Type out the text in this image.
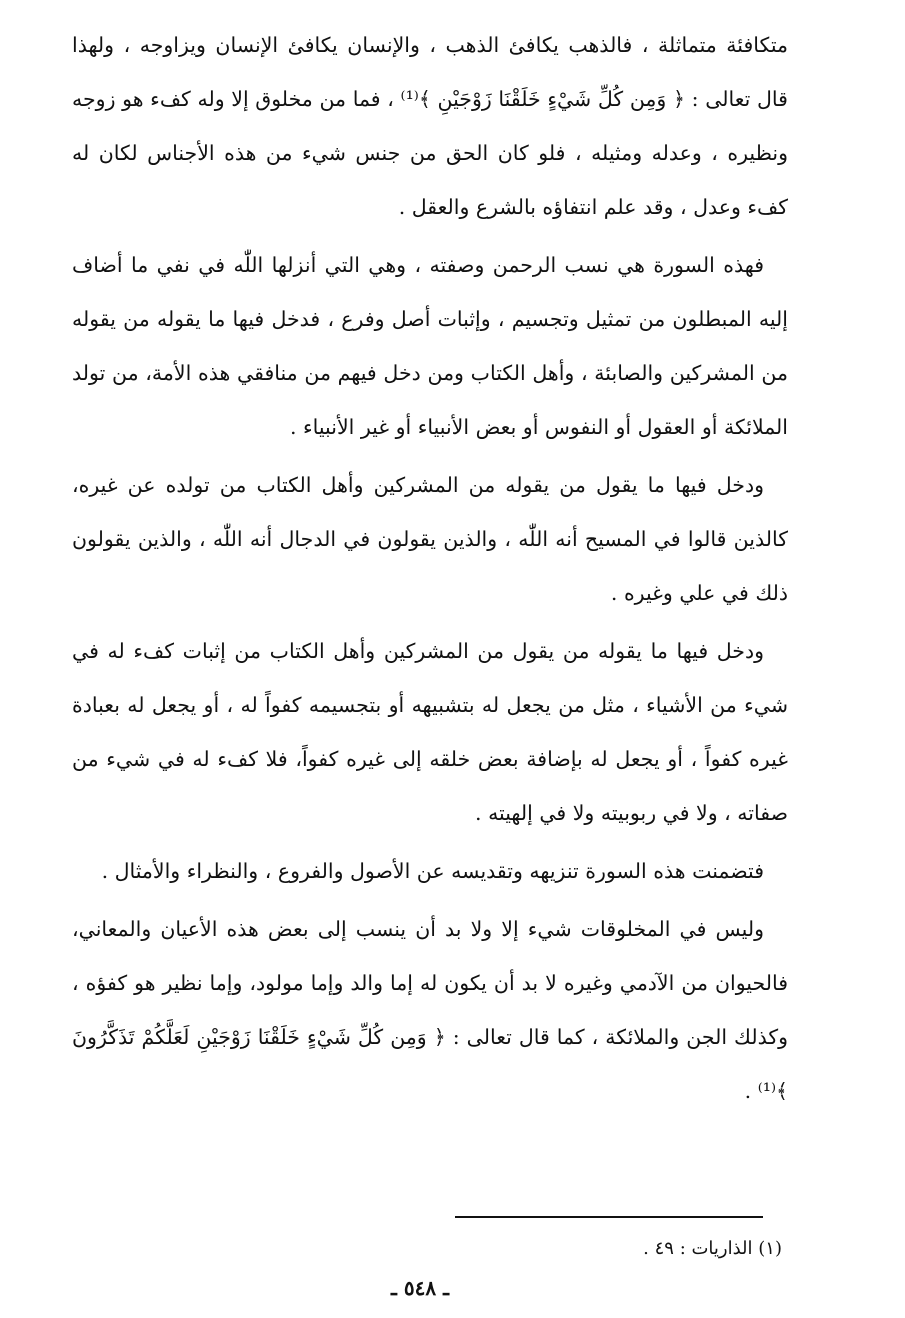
متكافئة متماثلة ، فالذهب يكافئ الذهب ، والإنسان يكافئ الإنسان ويزاوجه ، ولهذا قال تعالى : ﴿ وَمِن كُلِّ شَيْءٍ خَلَقْنَا زَوْجَيْنِ ﴾⁽¹⁾ ، فما من مخلوق إلا وله كفء هو زوجه ونظيره ، وعدله ومثيله ، فلو كان الحق من جنس شيء من هذه الأجناس لكان له كفء وعدل ، وقد علم انتفاؤه بالشرع والعقل .

فهذه السورة هي نسب الرحمن وصفته ، وهي التي أنزلها اللّٰه في نفي ما أضاف إليه المبطلون من تمثيل وتجسيم ، وإثبات أصل وفرع ، فدخل فيها ما يقوله من يقوله من المشركين والصابئة ، وأهل الكتاب ومن دخل فيهم من منافقي هذه الأمة، من تولد الملائكة أو العقول أو النفوس أو بعض الأنبياء أو غير الأنبياء .

ودخل فيها ما يقول من يقوله من المشركين وأهل الكتاب من تولده عن غيره، كالذين قالوا في المسيح أنه اللّٰه ، والذين يقولون في الدجال أنه اللّٰه ، والذين يقولون ذلك في علي وغيره .

ودخل فيها ما يقوله من يقول من المشركين وأهل الكتاب من إثبات كفء له في شيء من الأشياء ، مثل من يجعل له بتشبيهه أو بتجسيمه كفواً له ، أو يجعل له بعبادة غيره كفواً ، أو يجعل له بإضافة بعض خلقه إلى غيره كفواً، فلا كفء له في شيء من صفاته ، ولا في ربوبيته ولا في إلهيته .

فتضمنت هذه السورة تنزيهه وتقديسه عن الأصول والفروع ، والنظراء والأمثال .

وليس في المخلوقات شيء إلا ولا بد أن ينسب إلى بعض هذه الأعيان والمعاني، فالحيوان من الآدمي وغيره لا بد أن يكون له إما والد وإما مولود، وإما نظير هو كفؤه ، وكذلك الجن والملائكة ، كما قال تعالى : ﴿ وَمِن كُلِّ شَيْءٍ خَلَقْنَا زَوْجَيْنِ لَعَلَّكُمْ تَذَكَّرُونَ ﴾⁽¹⁾ .

(١) الذاريات : ٤٩ .
ـ ٥٤٨ ـ
